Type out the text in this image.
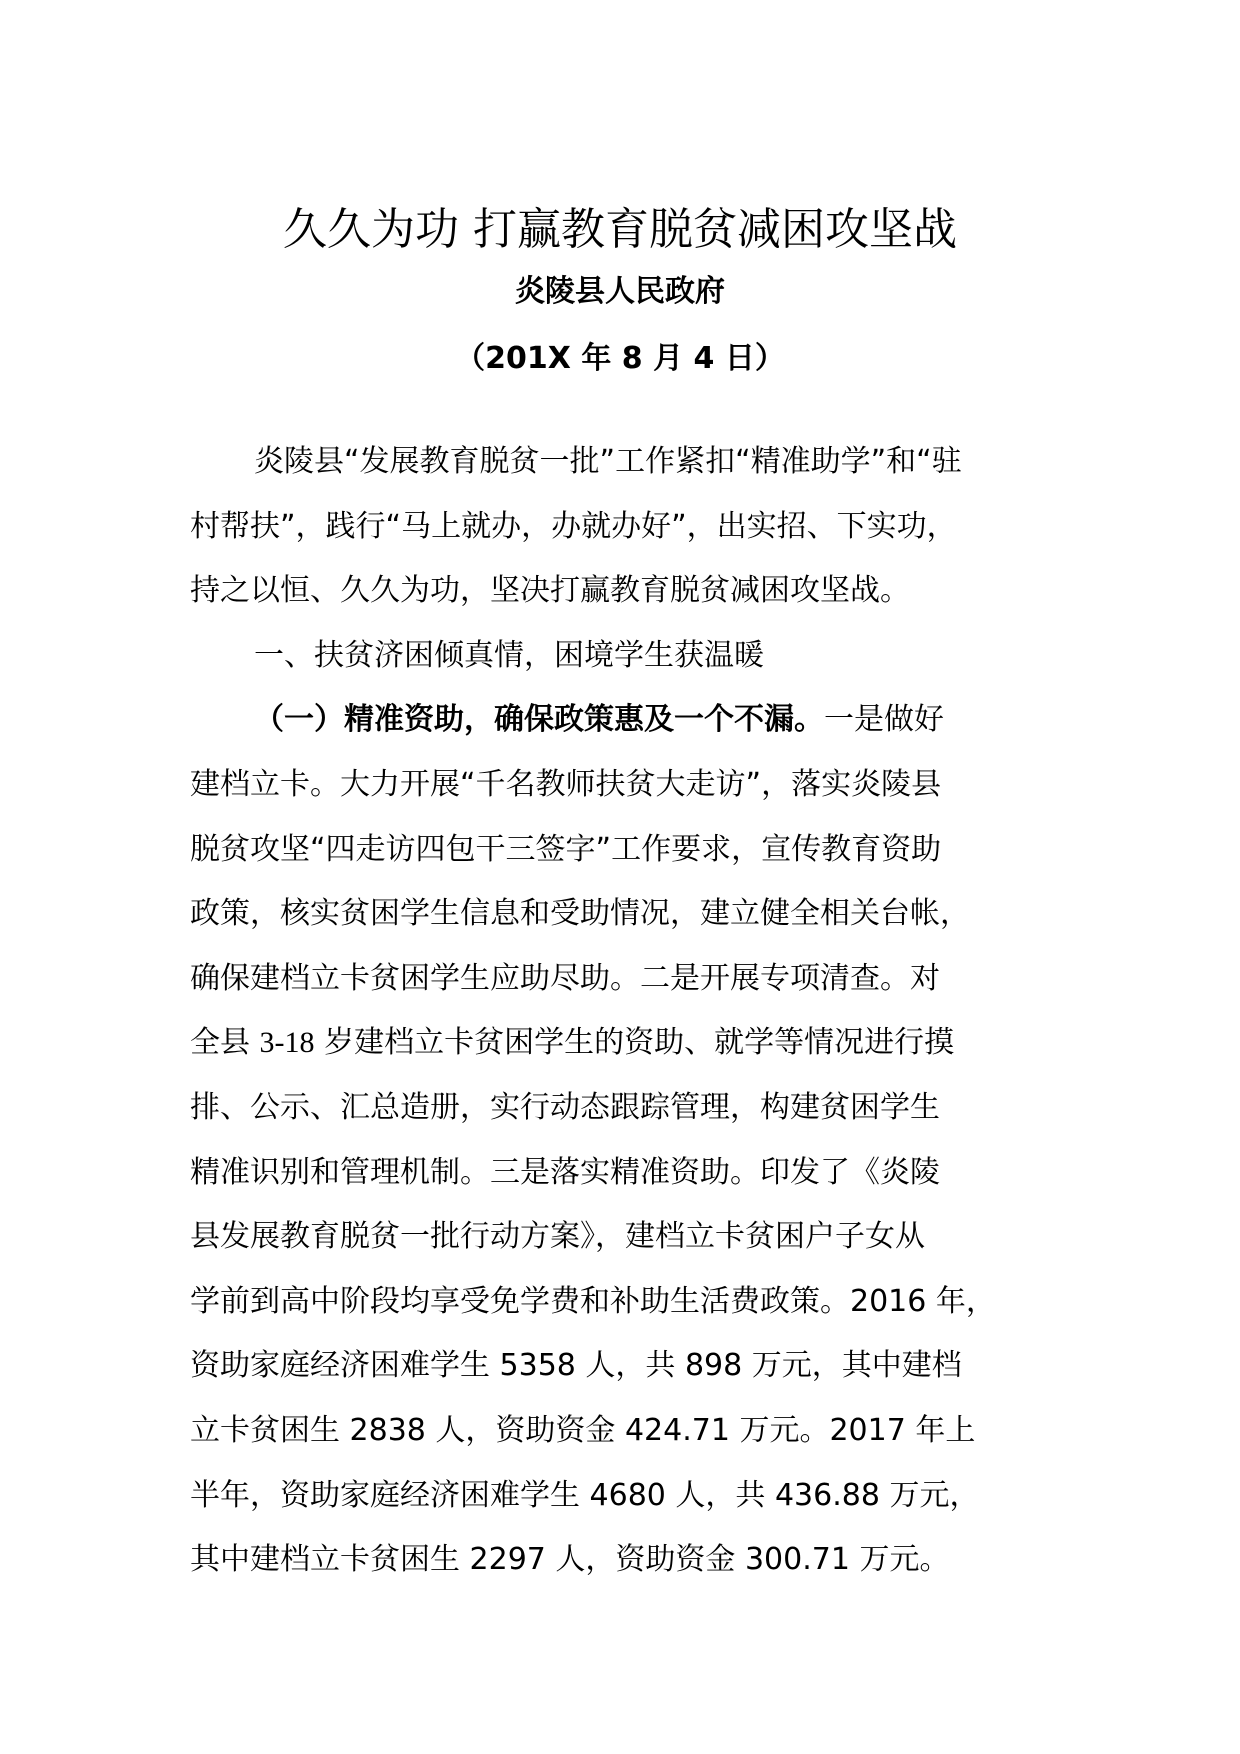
久久为功 打赢教育脱贫减困攻坚战
炎陵县人民政府
（201X 年 8 月 4 日）
炎陵县“发展教育脱贫一批”工作紧扣“精准助学”和“驻
村帮扶”，践行“马上就办，办就办好”，出实招、下实功，
持之以恒、久久为功，坚决打赢教育脱贫减困攻坚战。
一、扶贫济困倾真情，困境学生获温暖
（一）精准资助，确保政策惠及一个不漏。一是做好
建档立卡。大力开展“千名教师扶贫大走访”，落实炎陵县
脱贫攻坚“四走访四包干三签字”工作要求，宣传教育资助
政策，核实贫困学生信息和受助情况，建立健全相关台帐，
确保建档立卡贫困学生应助尽助。二是开展专项清查。对
全县 3-18 岁建档立卡贫困学生的资助、就学等情况进行摸
排、公示、汇总造册，实行动态跟踪管理，构建贫困学生
精准识别和管理机制。三是落实精准资助。印发了《炎陵
县发展教育脱贫一批行动方案》，建档立卡贫困户子女从
学前到高中阶段均享受免学费和补助生活费政策。2016 年，
资助家庭经济困难学生 5358 人，共 898 万元，其中建档
立卡贫困生 2838 人，资助资金 424.71 万元。2017 年上
半年，资助家庭经济困难学生 4680 人，共 436.88 万元，
其中建档立卡贫困生 2297 人，资助资金 300.71 万元。
